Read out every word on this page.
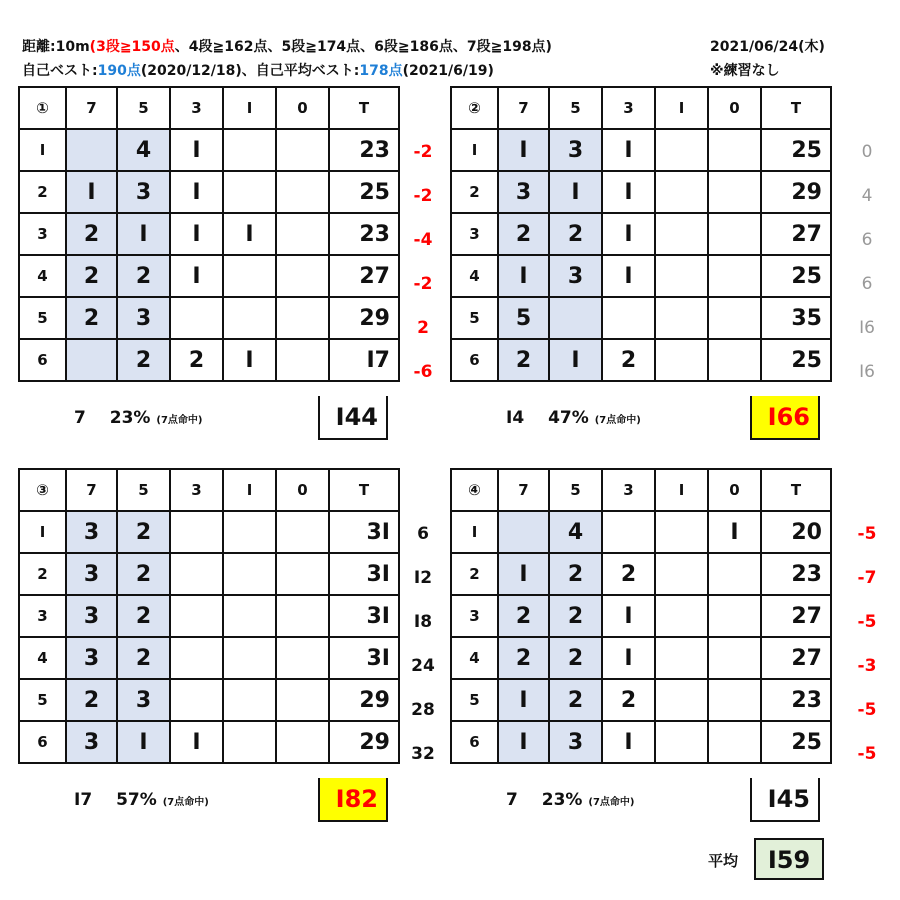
距離:10m(3段≧150点、4段≧162点、5段≧174点、6段≧186点、7段≧198点)
自己ベスト:190点(2020/12/18)、自己平均ベスト:178点(2021/6/19)
2021/06/24(木)
※練習なし
①	7	5	3	I	0	T
I		4	I			23
2	I	3	I			25
3	2	I	I	I		23
4	2	2	I			27
5	2	3				29
6		2	2	I		I7
7 23% (7点命中)	I44
-2
-2
-4
-2
2
-6
②	7	5	3	I	0	T
I	I	3	I			25
2	3	I	I			29
3	2	2	I			27
4	I	3	I			25
5	5					35
6	2	I	2			25
I4 47% (7点命中)	I66
0
4
6
6
I6
I6
③	7	5	3	I	0	T
I	3	2				3I
2	3	2				3I
3	3	2				3I
4	3	2				3I
5	2	3				29
6	3	I	I			29
I7 57% (7点命中)	I82
6
I2
I8
24
28
32
④	7	5	3	I	0	T
I		4			I	20
2	I	2	2			23
3	2	2	I			27
4	2	2	I			27
5	I	2	2			23
6	I	3	I			25
7 23% (7点命中)	I45
-5
-7
-5
-3
-5
-5
平均	I59
